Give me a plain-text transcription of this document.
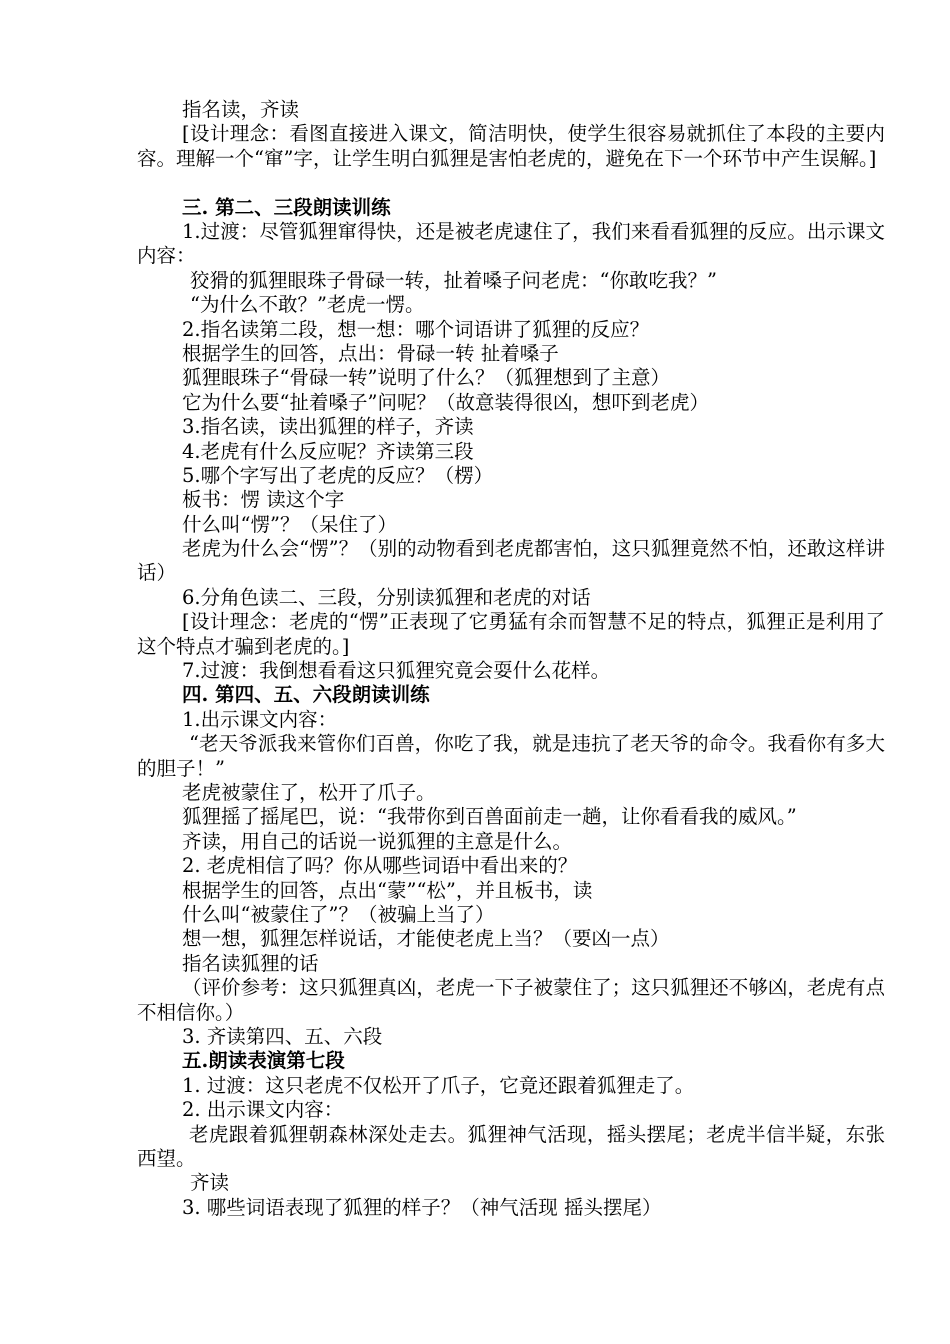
指名读，齐读
[设计理念：看图直接进入课文，简洁明快，使学生很容易就抓住了本段的主要内容。理解一个“窜”字，让学生明白狐狸是害怕老虎的，避免在下一个环节中产生误解。]
三. 第二、三段朗读训练
1.过渡：尽管狐狸窜得快，还是被老虎逮住了，我们来看看狐狸的反应。出示课文内容：
狡猾的狐狸眼珠子骨碌一转，扯着嗓子问老虎：“你敢吃我？”
“为什么不敢？”老虎一愣。
2.指名读第二段，想一想：哪个词语讲了狐狸的反应？
根据学生的回答，点出：骨碌一转 扯着嗓子
狐狸眼珠子“骨碌一转”说明了什么？（狐狸想到了主意）
它为什么要“扯着嗓子”问呢？（故意装得很凶，想吓到老虎）
3.指名读，读出狐狸的样子，齐读
4.老虎有什么反应呢？齐读第三段
5.哪个字写出了老虎的反应？（楞）
板书：愣 读这个字
什么叫“愣”？（呆住了）
老虎为什么会“愣”？（别的动物看到老虎都害怕，这只狐狸竟然不怕，还敢这样讲话）
6.分角色读二、三段，分别读狐狸和老虎的对话
[设计理念：老虎的“愣”正表现了它勇猛有余而智慧不足的特点，狐狸正是利用了这个特点才骗到老虎的。]
7.过渡：我倒想看看这只狐狸究竟会耍什么花样。
四. 第四、五、六段朗读训练
1.出示课文内容：
“老天爷派我来管你们百兽，你吃了我，就是违抗了老天爷的命令。我看你有多大的胆子！”
老虎被蒙住了，松开了爪子。
狐狸摇了摇尾巴，说：“我带你到百兽面前走一趟，让你看看我的威风。”
齐读，用自己的话说一说狐狸的主意是什么。
2. 老虎相信了吗？你从哪些词语中看出来的？
根据学生的回答，点出“蒙”“松”，并且板书，读
什么叫“被蒙住了”？（被骗上当了）
想一想，狐狸怎样说话，才能使老虎上当？（要凶一点）
指名读狐狸的话
（评价参考：这只狐狸真凶，老虎一下子被蒙住了；这只狐狸还不够凶，老虎有点不相信你。）
3. 齐读第四、五、六段
五.朗读表演第七段
1. 过渡：这只老虎不仅松开了爪子，它竟还跟着狐狸走了。
2. 出示课文内容：
老虎跟着狐狸朝森林深处走去。狐狸神气活现，摇头摆尾；老虎半信半疑，东张西望。
齐读
3. 哪些词语表现了狐狸的样子？（神气活现 摇头摆尾）
